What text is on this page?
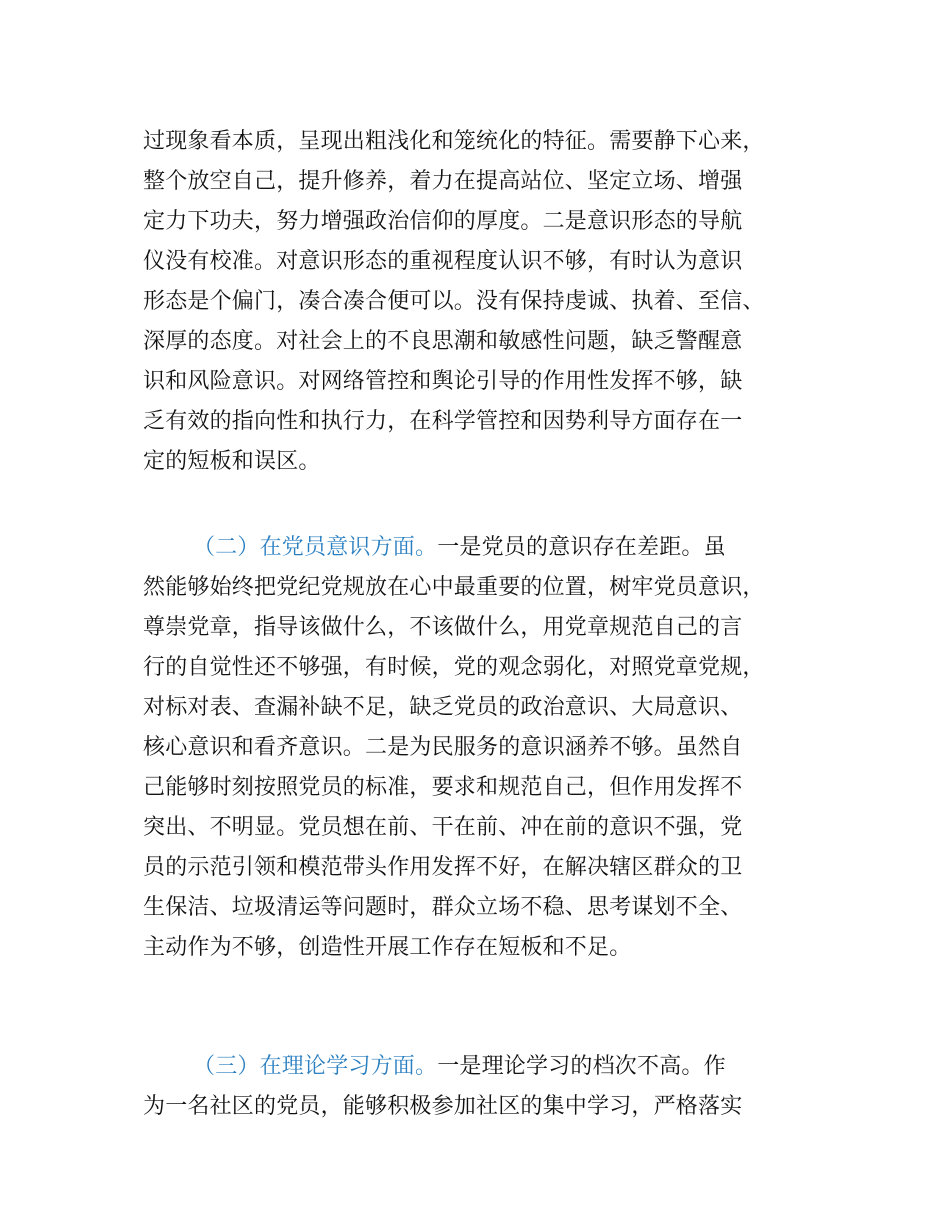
过现象看本质，呈现出粗浅化和笼统化的特征。需要静下心来，
整个放空自己，提升修养，着力在提高站位、坚定立场、增强
定力下功夫，努力增强政治信仰的厚度。二是意识形态的导航
仪没有校准。对意识形态的重视程度认识不够，有时认为意识
形态是个偏门，凑合凑合便可以。没有保持虔诚、执着、至信、
深厚的态度。对社会上的不良思潮和敏感性问题，缺乏警醒意
识和风险意识。对网络管控和舆论引导的作用性发挥不够，缺
乏有效的指向性和执行力，在科学管控和因势利导方面存在一
定的短板和误区。
（二）在党员意识方面。一是党员的意识存在差距。虽
然能够始终把党纪党规放在心中最重要的位置，树牢党员意识，
尊崇党章，指导该做什么，不该做什么，用党章规范自己的言
行的自觉性还不够强，有时候，党的观念弱化，对照党章党规，
对标对表、查漏补缺不足，缺乏党员的政治意识、大局意识、
核心意识和看齐意识。二是为民服务的意识涵养不够。虽然自
己能够时刻按照党员的标准，要求和规范自己，但作用发挥不
突出、不明显。党员想在前、干在前、冲在前的意识不强，党
员的示范引领和模范带头作用发挥不好，在解决辖区群众的卫
生保洁、垃圾清运等问题时，群众立场不稳、思考谋划不全、
主动作为不够，创造性开展工作存在短板和不足。
（三）在理论学习方面。一是理论学习的档次不高。作
为一名社区的党员，能够积极参加社区的集中学习，严格落实
